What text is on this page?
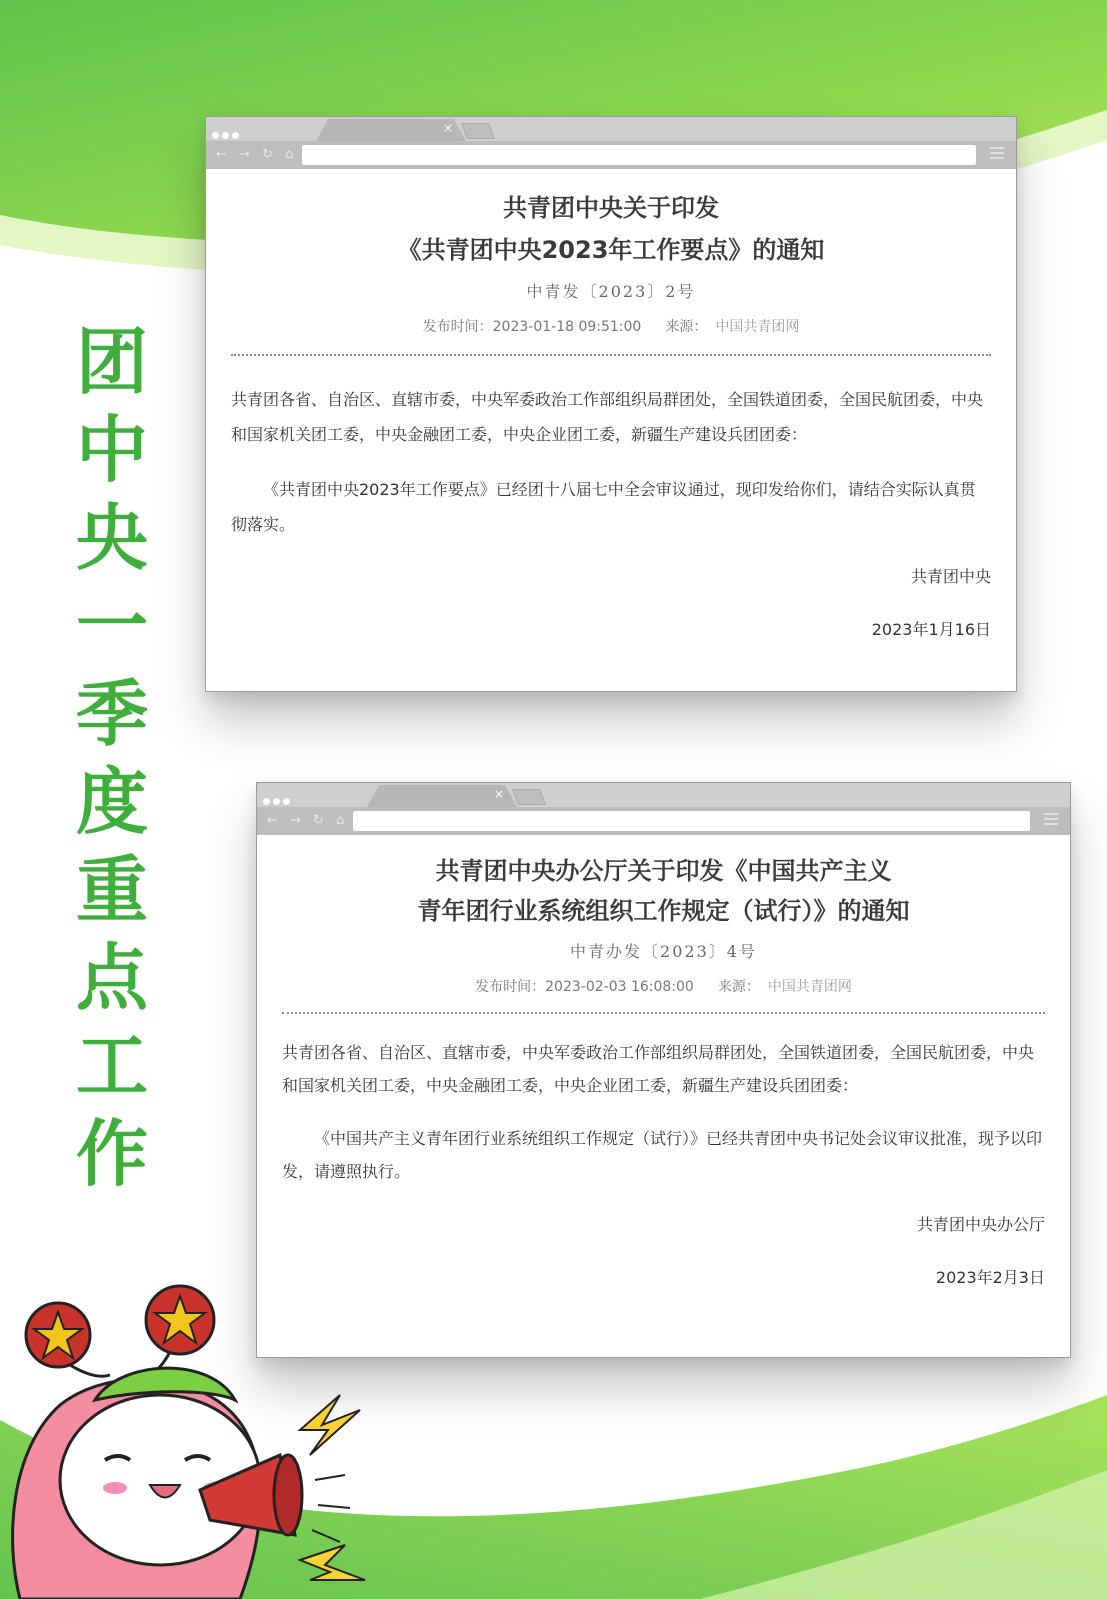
团
中
央
一
季
度
重
点
工
作
×
← → ↻ ⌂
共青团中央关于印发
《共青团中央2023年工作要点》的通知
中青发〔2023〕2号
发布时间：2023-01-18 09:51:00 来源： 中国共青团网

共青团各省、自治区、直辖市委，中央军委政治工作部组织局群团处，全国铁道团委，全国民航团委，中央和国家机关团工委，中央金融团工委，中央企业团工委，新疆生产建设兵团团委：

《共青团中央2023年工作要点》已经团十八届七中全会审议通过，现印发给你们，请结合实际认真贯彻落实。

共青团中央
2023年1月16日
×
← → ↻ ⌂
共青团中央办公厅关于印发《中国共产主义
青年团行业系统组织工作规定（试行）》的通知
中青办发〔2023〕4号
发布时间：2023-02-03 16:08:00 来源： 中国共青团网

共青团各省、自治区、直辖市委，中央军委政治工作部组织局群团处，全国铁道团委，全国民航团委，中央和国家机关团工委，中央金融团工委，中央企业团工委，新疆生产建设兵团团委：

《中国共产主义青年团行业系统组织工作规定（试行）》已经共青团中央书记处会议审议批准，现予以印发，请遵照执行。

共青团中央办公厅
2023年2月3日
